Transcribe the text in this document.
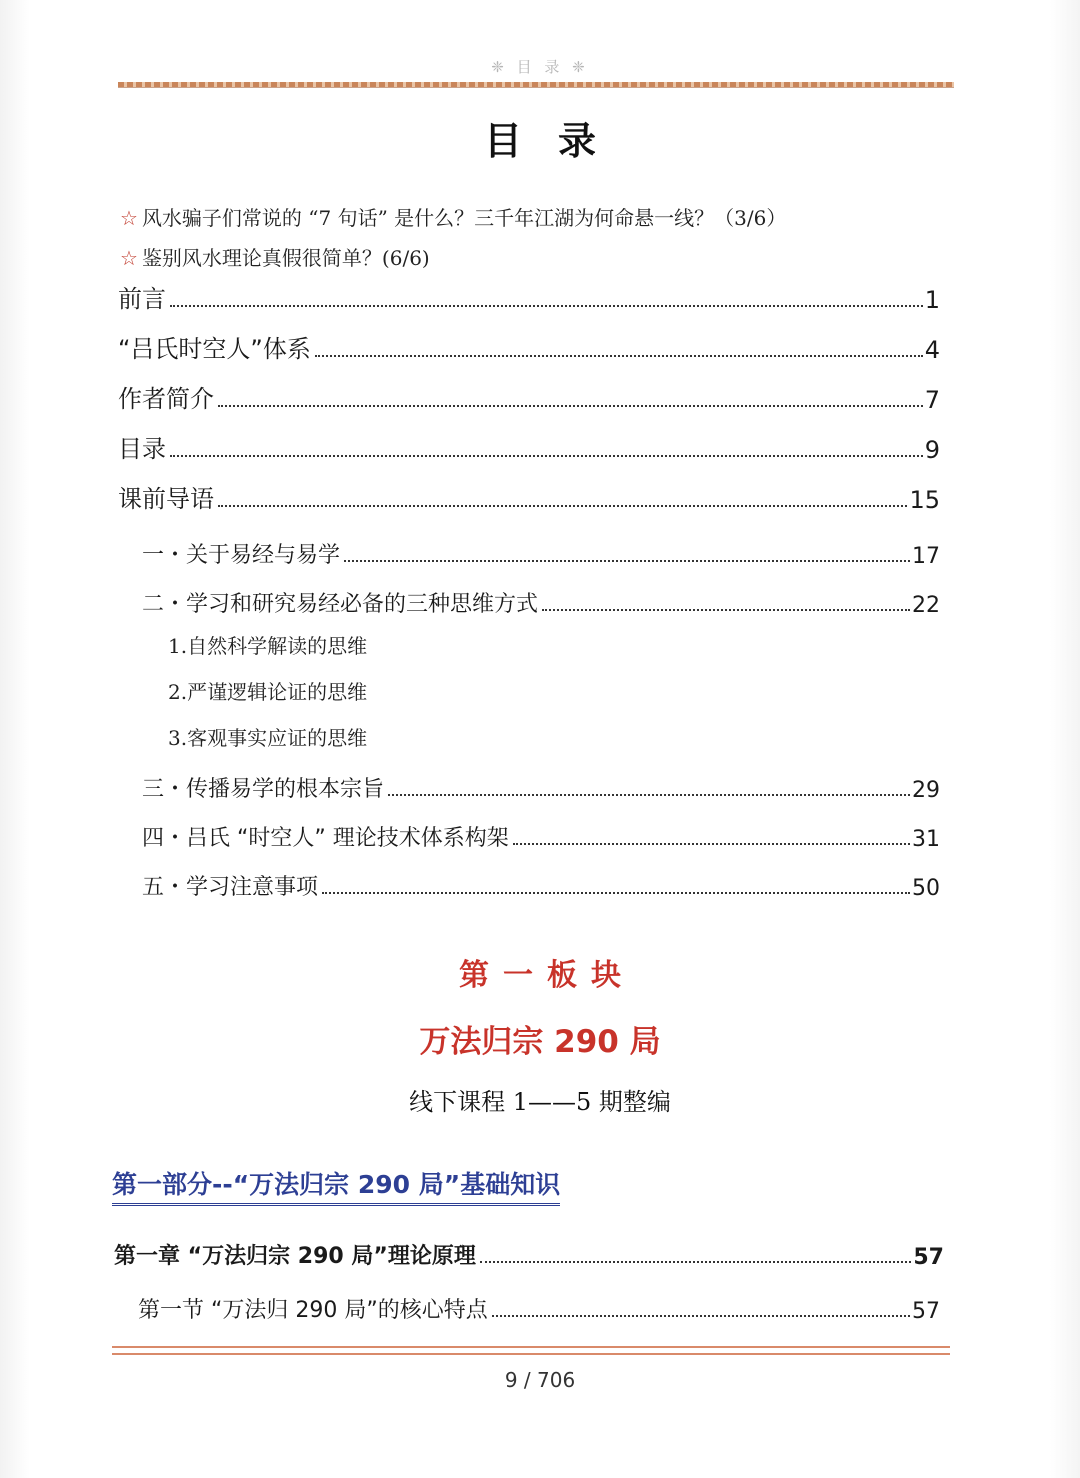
❈ 目 录 ❈
目录
☆ 风水骗子们常说的 “7 句话” 是什么？三千年江湖为何命悬一线？（3/6）
☆ 鉴别风水理论真假很简单？(6/6)
前言	1
“吕氏时空人”体系	4
作者简介	7
目录	9
课前导语	15
一・关于易经与易学	17
二・学习和研究易经必备的三种思维方式	22
1.自然科学解读的思维
2.严谨逻辑论证的思维
3.客观事实应证的思维
三・传播易学的根本宗旨	29
四・吕氏 “时空人” 理论技术体系构架	31
五・学习注意事项	50
第一板块
万法归宗 290 局
线下课程 1——5 期整编
第一部分--“万法归宗 290 局”基础知识
第一章 “万法归宗 290 局”理论原理	57
第一节 “万法归 290 局”的核心特点	57
9 / 706
